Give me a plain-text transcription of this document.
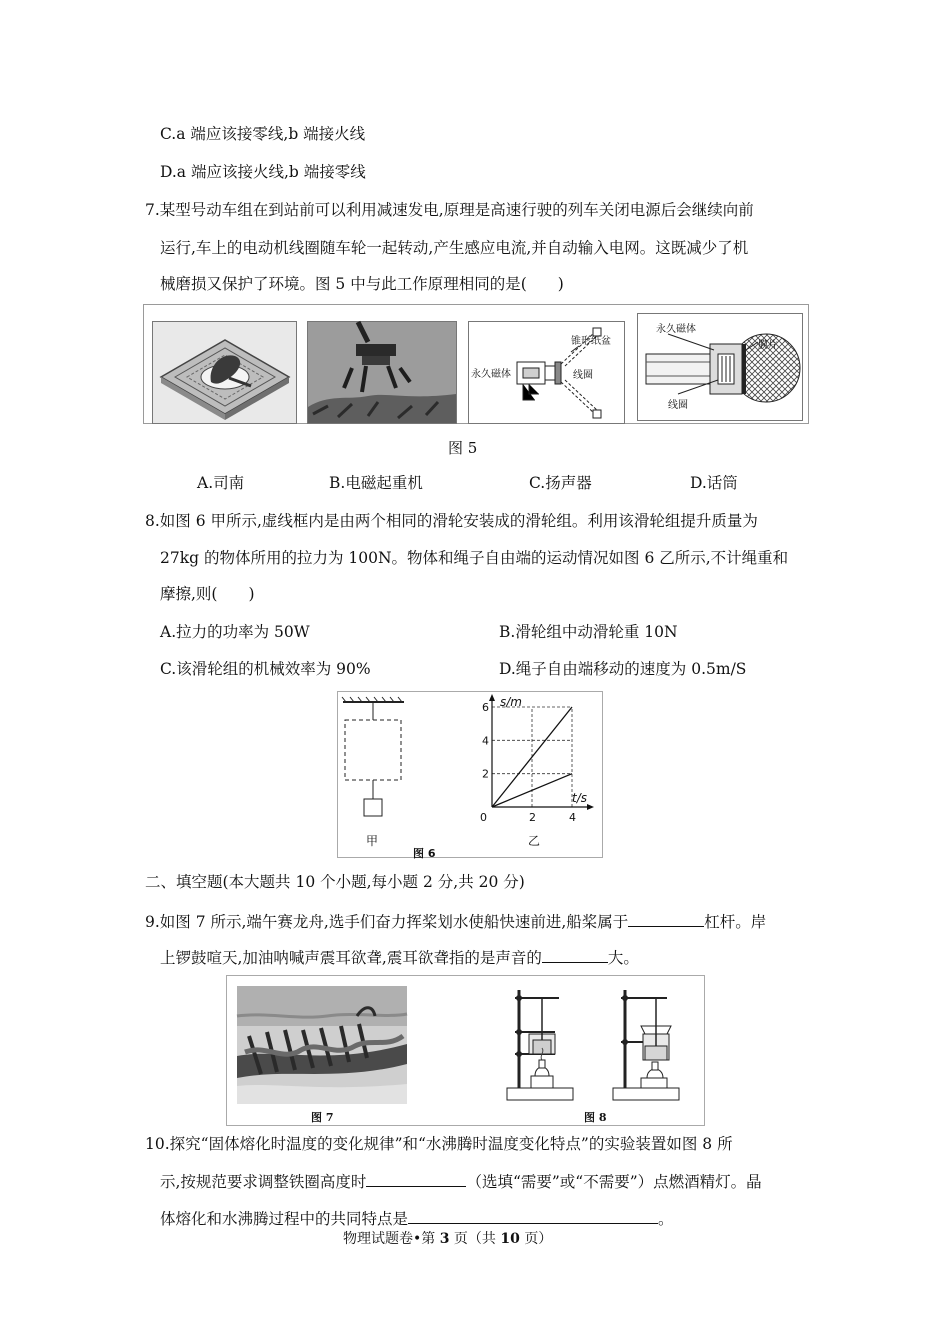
C.a 端应该接零线,b 端接火线
D.a 端应该接火线,b 端接零线
7.某型号动车组在到站前可以利用减速发电,原理是高速行驶的列车关闭电源后会继续向前
运行,车上的电动机线圈随车轮一起转动,产生感应电流,并自动输入电网。这既减少了机
械磨损又保护了环境。图 5 中与此工作原理相同的是(　　)
锥形纸盆
永久磁体	线圈
永久磁体
膜片
线圈
图 5
A.司南	B.电磁起重机	C.扬声器	D.话筒
8.如图 6 甲所示,虚线框内是由两个相同的滑轮安装成的滑轮组。利用该滑轮组提升质量为
27kg 的物体所用的拉力为 100N。物体和绳子自由端的运动情况如图 6 乙所示,不计绳重和
摩擦,则(　　)
A.拉力的功率为 50W	B.滑轮组中动滑轮重 10N
C.该滑轮组的机械效率为 90%	D.绳子自由端移动的速度为 0.5m/S
甲
图 6
6
4
2
0	2	4
s/m
t/s
乙
二、填空题(本大题共 10 个小题,每小题 2 分,共 20 分)
9.如图 7 所示,端午赛龙舟,选手们奋力挥桨划水使船快速前进,船桨属于	杠杆。岸
上锣鼓喧天,加油呐喊声震耳欲聋,震耳欲聋指的是声音的	大。
图 7	图 8
10.探究“固体熔化时温度的变化规律”和“水沸腾时温度变化特点”的实验装置如图 8 所
示,按规范要求调整铁圈高度时	（选填“需要”或“不需要”）点燃酒精灯。晶
体熔化和水沸腾过程中的共同特点是	。
物理试题卷•第 3 页（共 10 页）
